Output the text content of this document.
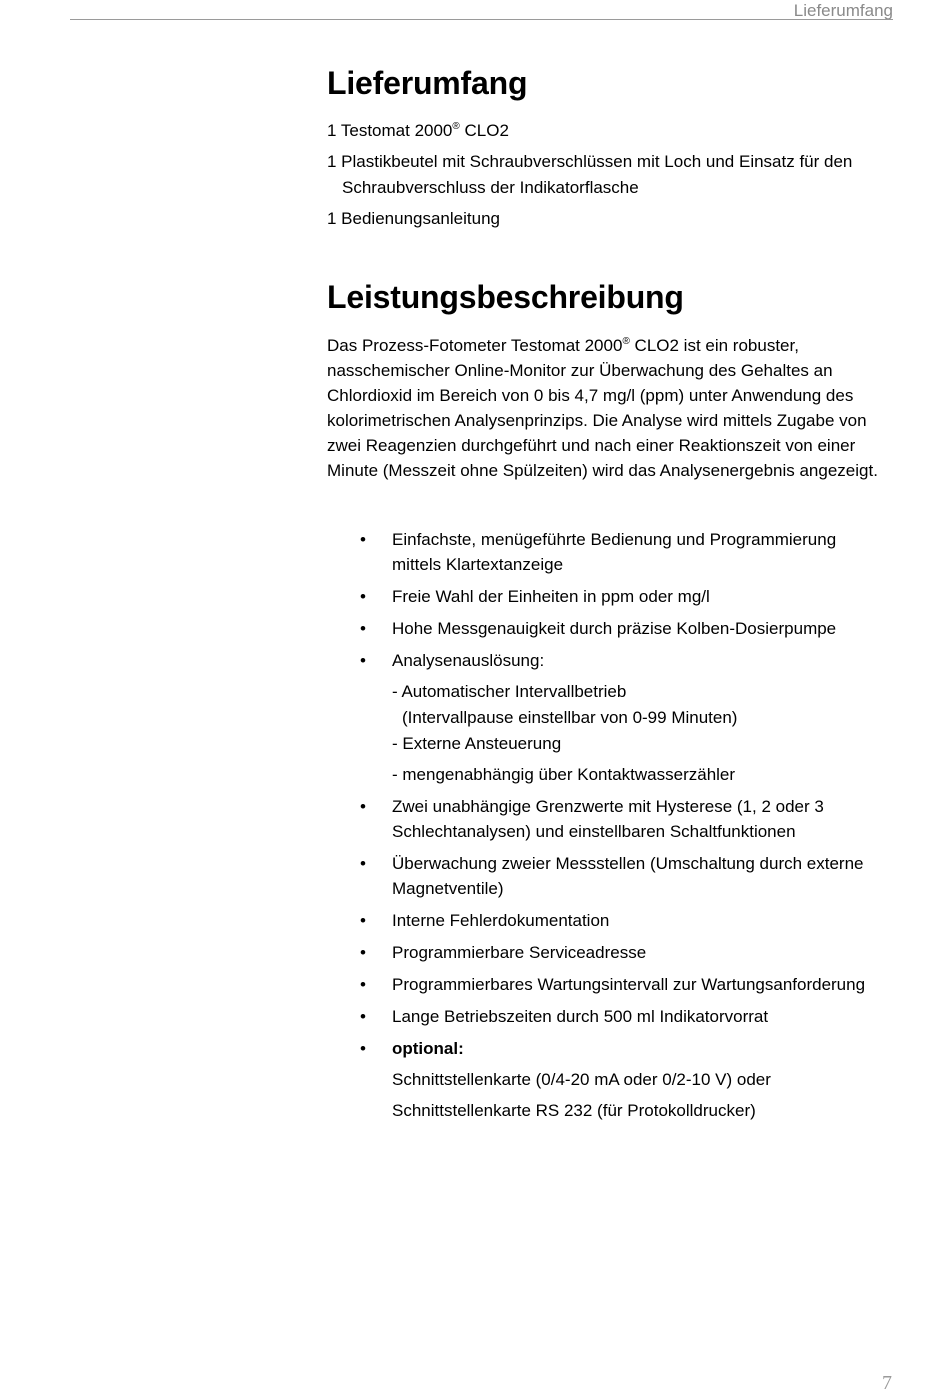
Lieferumfang
Lieferumfang
1 Testomat 2000® CLO2
1 Plastikbeutel mit Schraubverschlüssen mit Loch und Einsatz für den Schraubverschluss der Indikatorflasche
1 Bedienungsanleitung
Leistungsbeschreibung

Das Prozess-Fotometer Testomat 2000® CLO2 ist ein robuster, nasschemischer Online-Monitor zur Überwachung des Gehaltes an Chlordioxid im Bereich von 0 bis 4,7 mg/l (ppm) unter Anwendung des kolorimetrischen Analysenprinzips. Die Analyse wird mittels Zugabe von zwei Reagenzien durchgeführt und nach einer Reaktionszeit von einer Minute (Messzeit ohne Spülzeiten) wird das Analysenergebnis angezeigt.

• Einfachste, menügeführte Bedienung und Programmierung mittels Klartextanzeige
• Freie Wahl der Einheiten in ppm oder mg/l
• Hohe Messgenauigkeit durch präzise Kolben-Dosierpumpe
• Analysenauslösung:
- Automatischer Intervallbetrieb
(Intervallpause einstellbar von 0-99 Minuten)
- Externe Ansteuerung
- mengenabhängig über Kontaktwasserzähler
• Zwei unabhängige Grenzwerte mit Hysterese (1, 2 oder 3 Schlechtanalysen) und einstellbaren Schaltfunktionen
• Überwachung zweier Messstellen (Umschaltung durch externe Magnetventile)
• Interne Fehlerdokumentation
• Programmierbare Serviceadresse
• Programmierbares Wartungsintervall zur Wartungsanforderung
• Lange Betriebszeiten durch 500 ml Indikatorvorrat
• optional:
Schnittstellenkarte (0/4-20 mA oder 0/2-10 V) oder
Schnittstellenkarte RS 232 (für Protokolldrucker)
7
